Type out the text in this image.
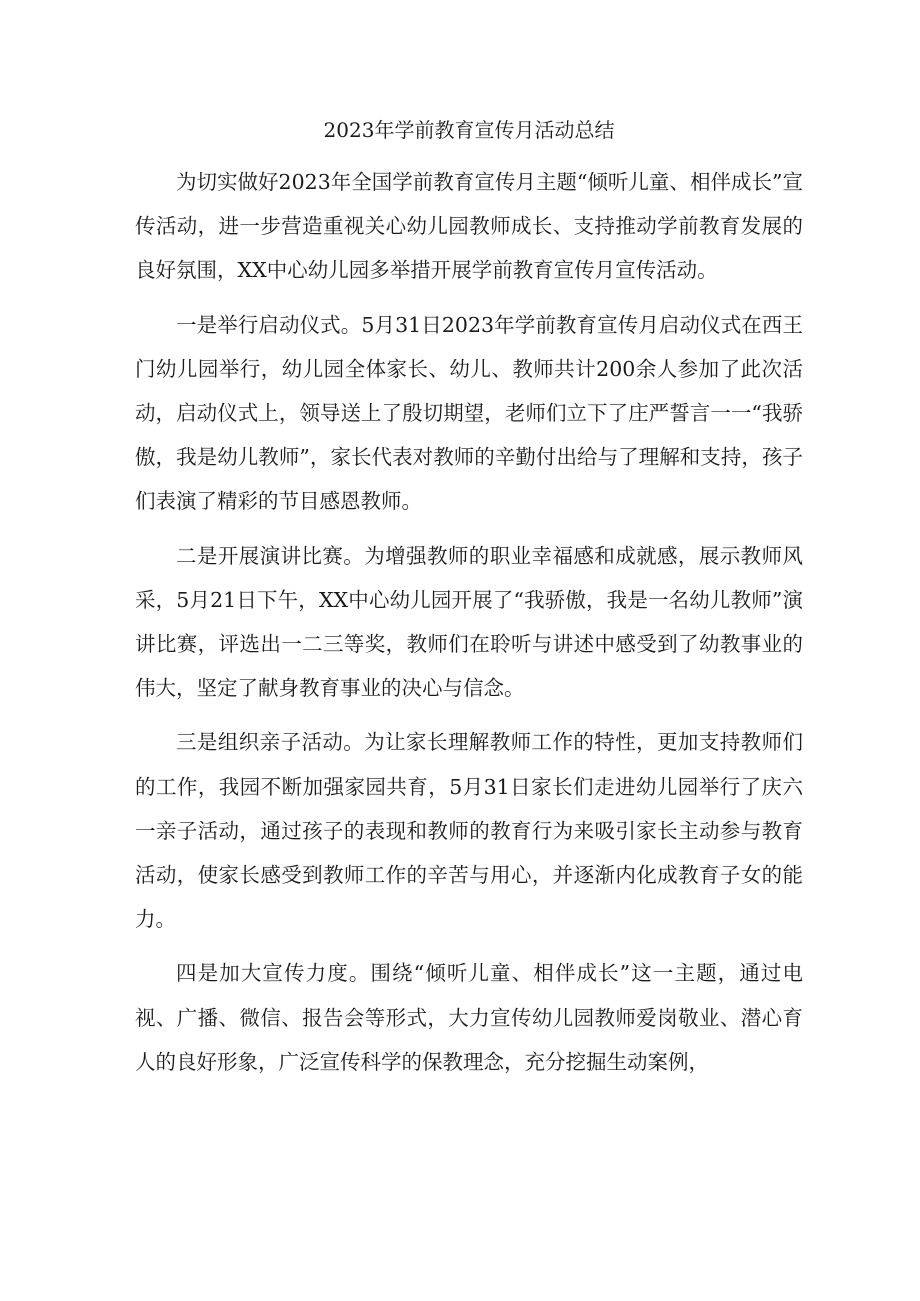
2023年学前教育宣传月活动总结

为切实做好2023年全国学前教育宣传月主题“倾听儿童、相伴成长”宣传活动，进一步营造重视关心幼儿园教师成长、支持推动学前教育发展的良好氛围，XX中心幼儿园多举措开展学前教育宣传月宣传活动。

一是举行启动仪式。5月31日2023年学前教育宣传月启动仪式在西王门幼儿园举行，幼儿园全体家长、幼儿、教师共计200余人参加了此次活动，启动仪式上，领导送上了殷切期望，老师们立下了庄严誓言一一“我骄傲，我是幼儿教师”，家长代表对教师的辛勤付出给与了理解和支持，孩子们表演了精彩的节目感恩教师。

二是开展演讲比赛。为增强教师的职业幸福感和成就感，展示教师风采，5月21日下午，XX中心幼儿园开展了“我骄傲，我是一名幼儿教师”演讲比赛，评选出一二三等奖，教师们在聆听与讲述中感受到了幼教事业的伟大，坚定了献身教育事业的决心与信念。

三是组织亲子活动。为让家长理解教师工作的特性，更加支持教师们的工作，我园不断加强家园共育，5月31日家长们走进幼儿园举行了庆六一亲子活动，通过孩子的表现和教师的教育行为来吸引家长主动参与教育活动，使家长感受到教师工作的辛苦与用心，并逐渐内化成教育子女的能力。

四是加大宣传力度。围绕“倾听儿童、相伴成长”这一主题，通过电视、广播、微信、报告会等形式，大力宣传幼儿园教师爱岗敬业、潜心育人的良好形象，广泛宣传科学的保教理念，充分挖掘生动案例，
